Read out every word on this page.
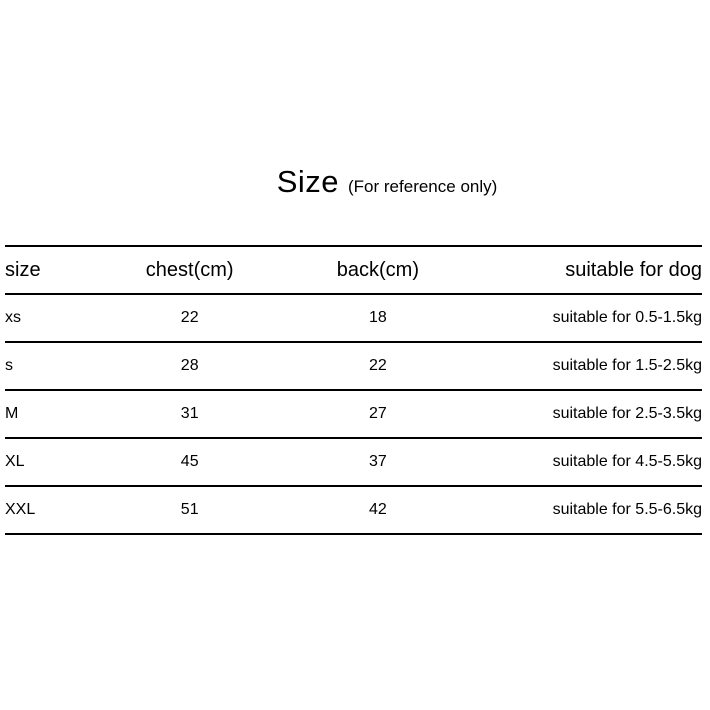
Size (For reference only)
size	chest(cm)	back(cm)	suitable for dog
xs	22	18	suitable for 0.5-1.5kg
s	28	22	suitable for 1.5-2.5kg
M	31	27	suitable for 2.5-3.5kg
XL	45	37	suitable for 4.5-5.5kg
XXL	51	42	suitable for 5.5-6.5kg
